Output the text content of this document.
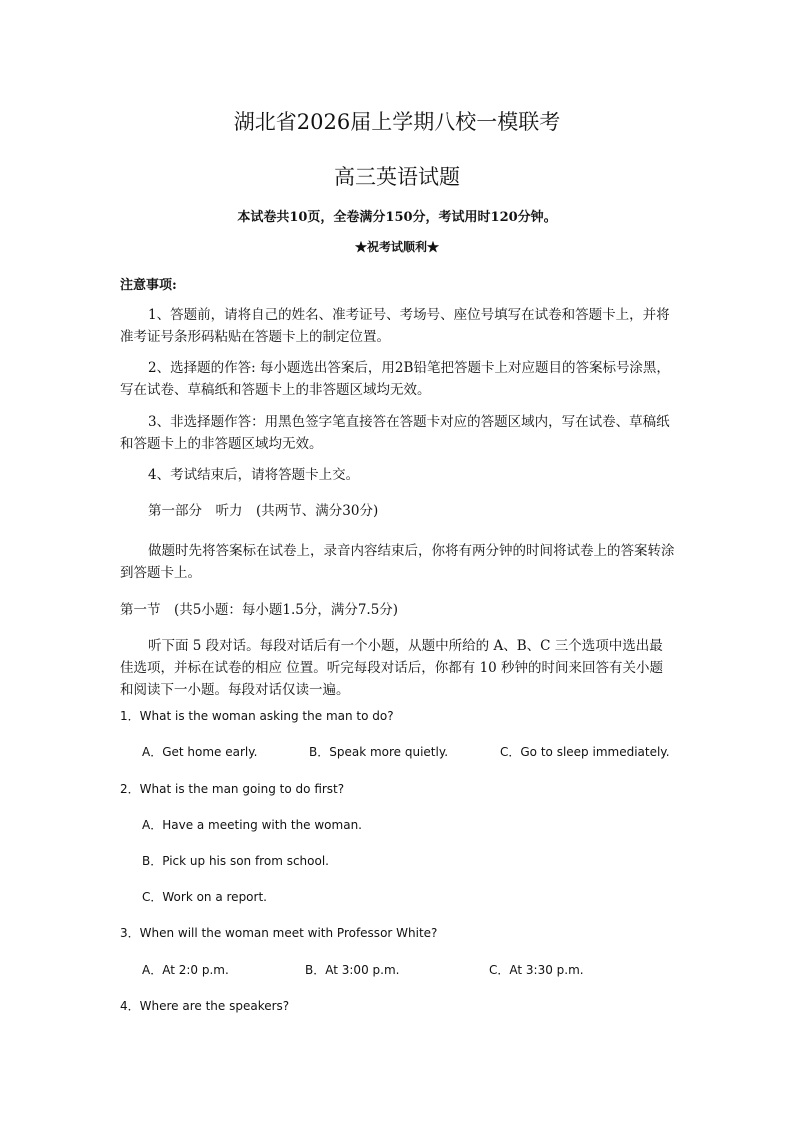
湖北省2026届上学期八校一模联考
高三英语试题
本试卷共10页，全卷满分150分，考试用时120分钟。
★祝考试顺利★
注意事项:
1、答题前，请将自己的姓名、准考证号、考场号、座位号填写在试卷和答题卡上，并将准考证号条形码粘贴在答题卡上的制定位置。
2、选择题的作答: 每小题选出答案后，用2B铅笔把答题卡上对应题目的答案标号涂黑，写在试卷、草稿纸和答题卡上的非答题区域均无效。
3、非选择题作答：用黑色签字笔直接答在答题卡对应的答题区域内，写在试卷、草稿纸和答题卡上的非答题区域均无效。
4、考试结束后，请将答题卡上交。
第一部分　听力　(共两节、满分30分)
做题时先将答案标在试卷上，录音内容结束后，你将有两分钟的时间将试卷上的答案转涂到答题卡上。
第一节　(共5小题：每小题1.5分，满分7.5分)
听下面 5 段对话。每段对话后有一个小题，从题中所给的 A、B、C 三个选项中选出最佳选项，并标在试卷的相应 位置。听完每段对话后，你都有 10 秒钟的时间来回答有关小题和阅读下一小题。每段对话仅读一遍。
1．What is the woman asking the man to do?
A．Get home early.	B．Speak more quietly.	C．Go to sleep immediately.
2．What is the man going to do first?
A．Have a meeting with the woman.
B．Pick up his son from school.
C．Work on a report.
3．When will the woman meet with Professor White?
A．At 2:0 p.m.	B．At 3:00 p.m.	C．At 3:30 p.m.
4．Where are the speakers?
